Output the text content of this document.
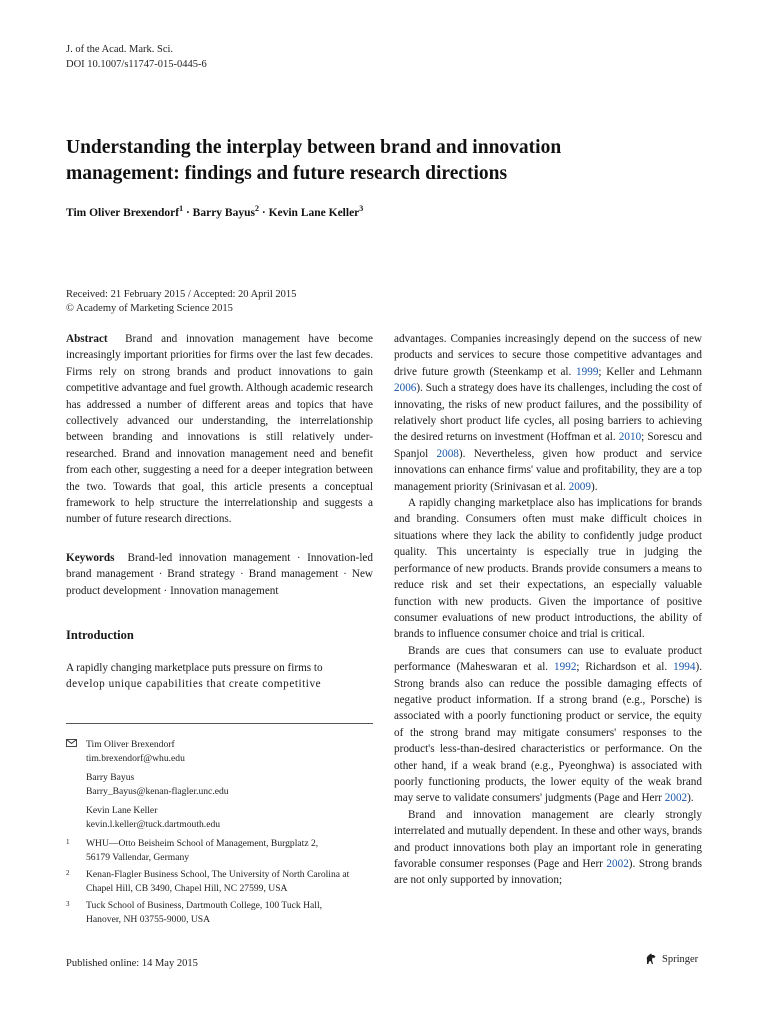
J. of the Acad. Mark. Sci.
DOI 10.1007/s11747-015-0445-6
Understanding the interplay between brand and innovation
management: findings and future research directions
Tim Oliver Brexendorf$^1$ · Barry Bayus$^2$ · Kevin Lane Keller$^3$
Received: 21 February 2015 / Accepted: 20 April 2015
© Academy of Marketing Science 2015

Abstract Brand and innovation management have become increasingly important priorities for firms over the last few decades. Firms rely on strong brands and product innovations to gain competitive advantage and fuel growth. Although academic research has addressed a number of different areas and topics that have collectively advanced our understanding, the interrelationship between branding and innovations is still relatively under-researched. Brand and innovation management need and benefit from each other, suggesting a need for a deeper integration between the two. Towards that goal, this article presents a conceptual framework to help structure the interrelationship and suggests a number of future research directions.

Keywords Brand-led innovation management · Innovation-led brand management · Brand strategy · Brand management · New product development · Innovation management

Introduction

A rapidly changing marketplace puts pressure on firms to
develop unique capabilities that create competitive

Tim Oliver Brexendorf
tim.brexendorf@whu.edu
Barry Bayus
Barry_Bayus@kenan-flagler.unc.edu
Kevin Lane Keller
kevin.l.keller@tuck.dartmouth.edu
1 WHU—Otto Beisheim School of Management, Burgplatz 2,
56179 Vallendar, Germany
2 Kenan-Flagler Business School, The University of North Carolina at
Chapel Hill, CB 3490, Chapel Hill, NC 27599, USA
3 Tuck School of Business, Dartmouth College, 100 Tuck Hall,
Hanover, NH 03755-9000, USA
Published online: 14 May 2015	Springer

advantages. Companies increasingly depend on the success of new products and services to secure those competitive advantages and drive future growth (Steenkamp et al. 1999; Keller and Lehmann 2006). Such a strategy does have its challenges, including the cost of innovating, the risks of new product failures, and the possibility of relatively short product life cycles, all posing barriers to achieving the desired returns on investment (Hoffman et al. 2010; Sorescu and Spanjol 2008). Nevertheless, given how product and service innovations can enhance firms' value and profitability, they are a top management priority (Srinivasan et al. 2009).

A rapidly changing marketplace also has implications for brands and branding. Consumers often must make difficult choices in situations where they lack the ability to confidently judge product quality. This uncertainty is especially true in judging the performance of new products. Brands provide consumers a means to reduce risk and set their expectations, an especially valuable function with new products. Given the importance of positive consumer evaluations of new product introductions, the ability of brands to influence consumer choice and trial is critical.

Brands are cues that consumers can use to evaluate product performance (Maheswaran et al. 1992; Richardson et al. 1994). Strong brands also can reduce the possible damaging effects of negative product information. If a strong brand (e.g., Porsche) is associated with a poorly functioning product or service, the equity of the strong brand may mitigate consumers' responses to the product's less-than-desired characteristics or performance. On the other hand, if a weak brand (e.g., Pyeonghwa) is associated with poorly functioning products, the lower equity of the weak brand may serve to validate consumers' judgments (Page and Herr 2002).

Brand and innovation management are clearly strongly interrelated and mutually dependent. In these and other ways, brands and product innovations both play an important role in generating favorable consumer responses (Page and Herr 2002). Strong brands are not only supported by innovation;
